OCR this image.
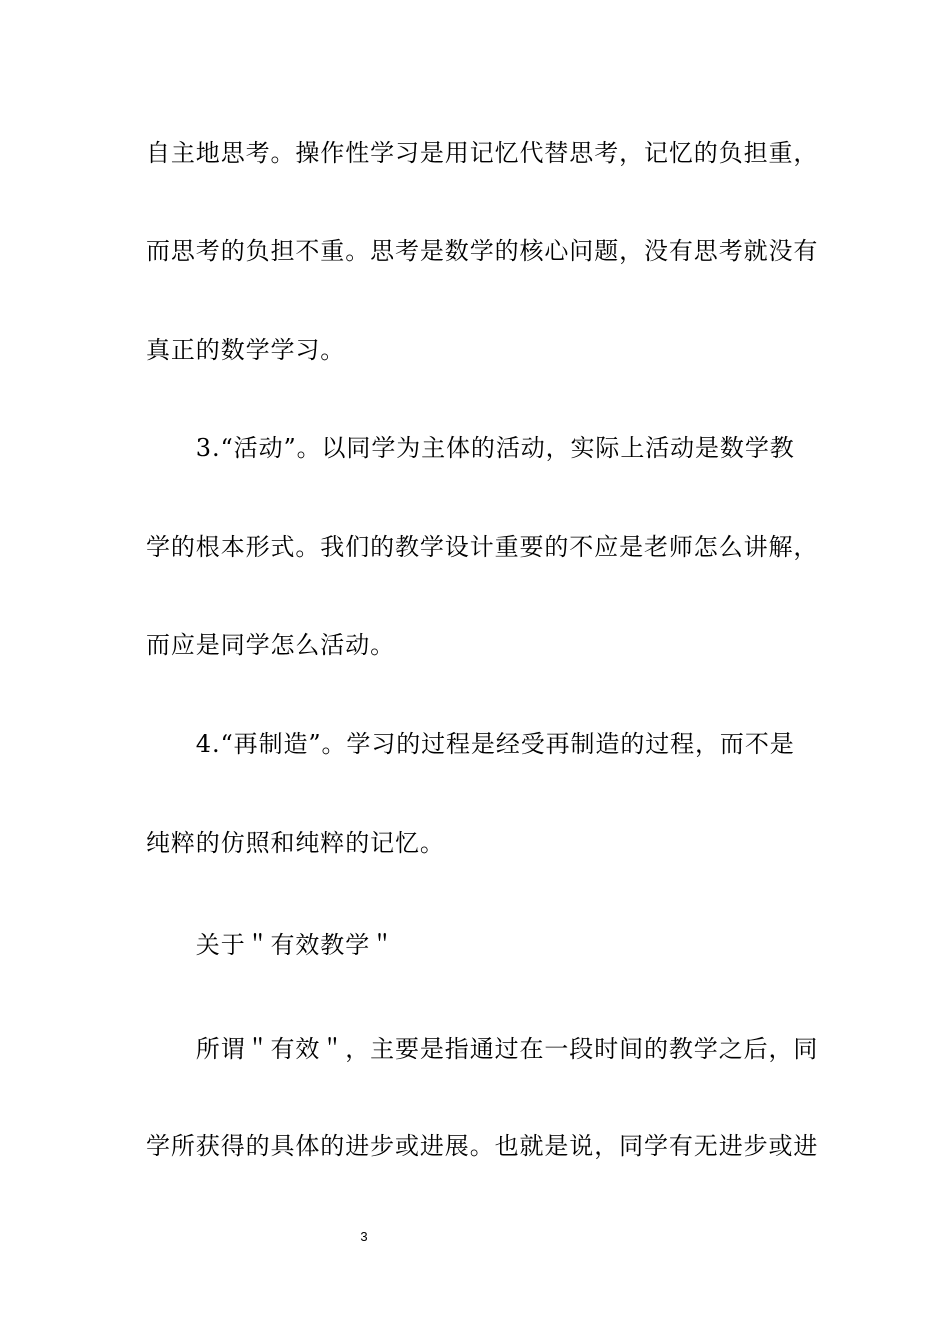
自主地思考。操作性学习是用记忆代替思考，记忆的负担重，
而思考的负担不重。思考是数学的核心问题，没有思考就没有
真正的数学学习。
　　3.“活动”。以同学为主体的活动，实际上活动是数学教
学的根本形式。我们的教学设计重要的不应是老师怎么讲解，
而应是同学怎么活动。
　　4.“再制造”。学习的过程是经受再制造的过程，而不是
纯粹的仿照和纯粹的记忆。
　　关于＂有效教学＂
　　所谓＂有效＂，主要是指通过在一段时间的教学之后，同
学所获得的具体的进步或进展。也就是说，同学有无进步或进
3
